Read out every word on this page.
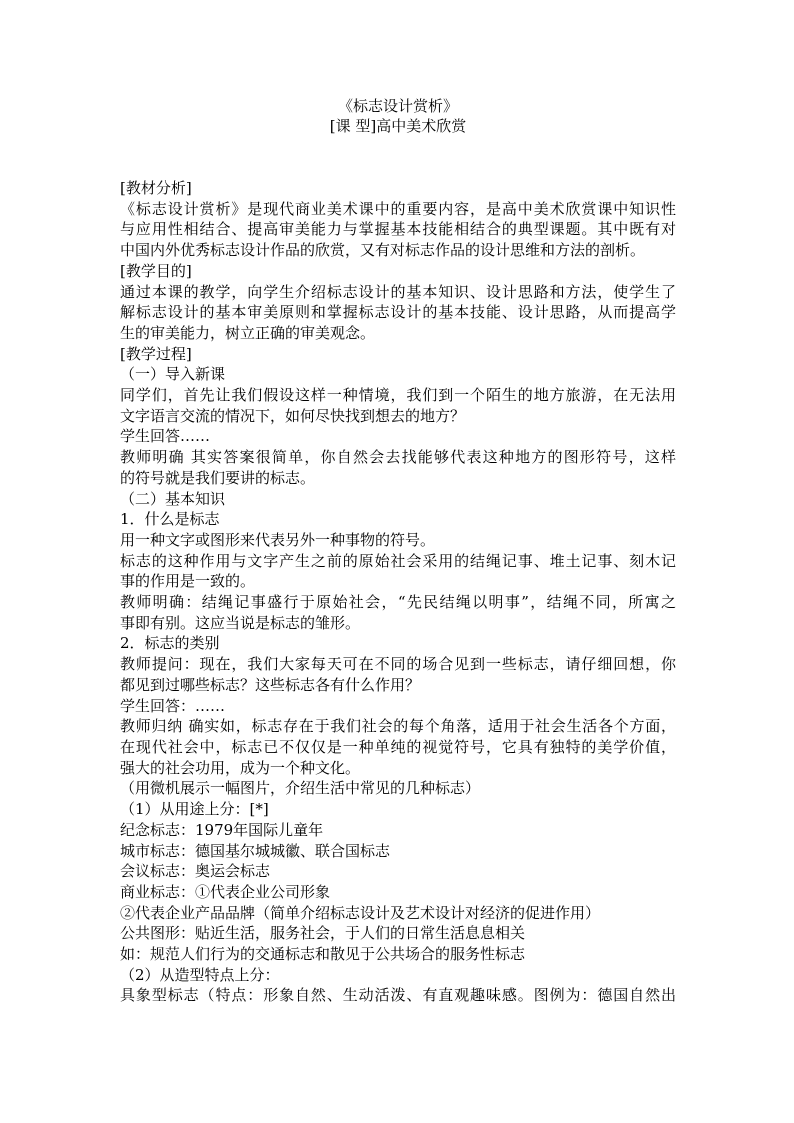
《标志设计赏析》
[课 型]高中美术欣赏
[教材分析]
《标志设计赏析》是现代商业美术课中的重要内容，是高中美术欣赏课中知识性
与应用性相结合、提高审美能力与掌握基本技能相结合的典型课题。其中既有对
中国内外优秀标志设计作品的欣赏，又有对标志作品的设计思维和方法的剖析。
[教学目的]
通过本课的教学，向学生介绍标志设计的基本知识、设计思路和方法，使学生了
解标志设计的基本审美原则和掌握标志设计的基本技能、设计思路，从而提高学
生的审美能力，树立正确的审美观念。
[教学过程]
（一）导入新课
同学们，首先让我们假设这样一种情境，我们到一个陌生的地方旅游，在无法用
文字语言交流的情况下，如何尽快找到想去的地方？
学生回答……
教师明确 其实答案很简单，你自然会去找能够代表这种地方的图形符号，这样
的符号就是我们要讲的标志。
（二）基本知识
1．什么是标志
用一种文字或图形来代表另外一种事物的符号。
标志的这种作用与文字产生之前的原始社会采用的结绳记事、堆土记事、刻木记
事的作用是一致的。
教师明确：结绳记事盛行于原始社会，“先民结绳以明事”，结绳不同，所寓之
事即有别。这应当说是标志的雏形。
2．标志的类别
教师提问：现在，我们大家每天可在不同的场合见到一些标志，请仔细回想，你
都见到过哪些标志？这些标志各有什么作用？
学生回答：……
教师归纳 确实如，标志存在于我们社会的每个角落，适用于社会生活各个方面，
在现代社会中，标志已不仅仅是一种单纯的视觉符号，它具有独特的美学价值，
强大的社会功用，成为一个种文化。
（用微机展示一幅图片，介绍生活中常见的几种标志）
（1）从用途上分：[*]
纪念标志：1979年国际儿童年
城市标志：德国基尔城城徽、联合国标志
会议标志：奥运会标志
商业标志：①代表企业公司形象
②代表企业产品品牌（简单介绍标志设计及艺术设计对经济的促进作用）
公共图形：贴近生活，服务社会，于人们的日常生活息息相关
如：规范人们行为的交通标志和散见于公共场合的服务性标志
（2）从造型特点上分：
具象型标志（特点：形象自然、生动活泼、有直观趣味感。图例为：德国自然出
